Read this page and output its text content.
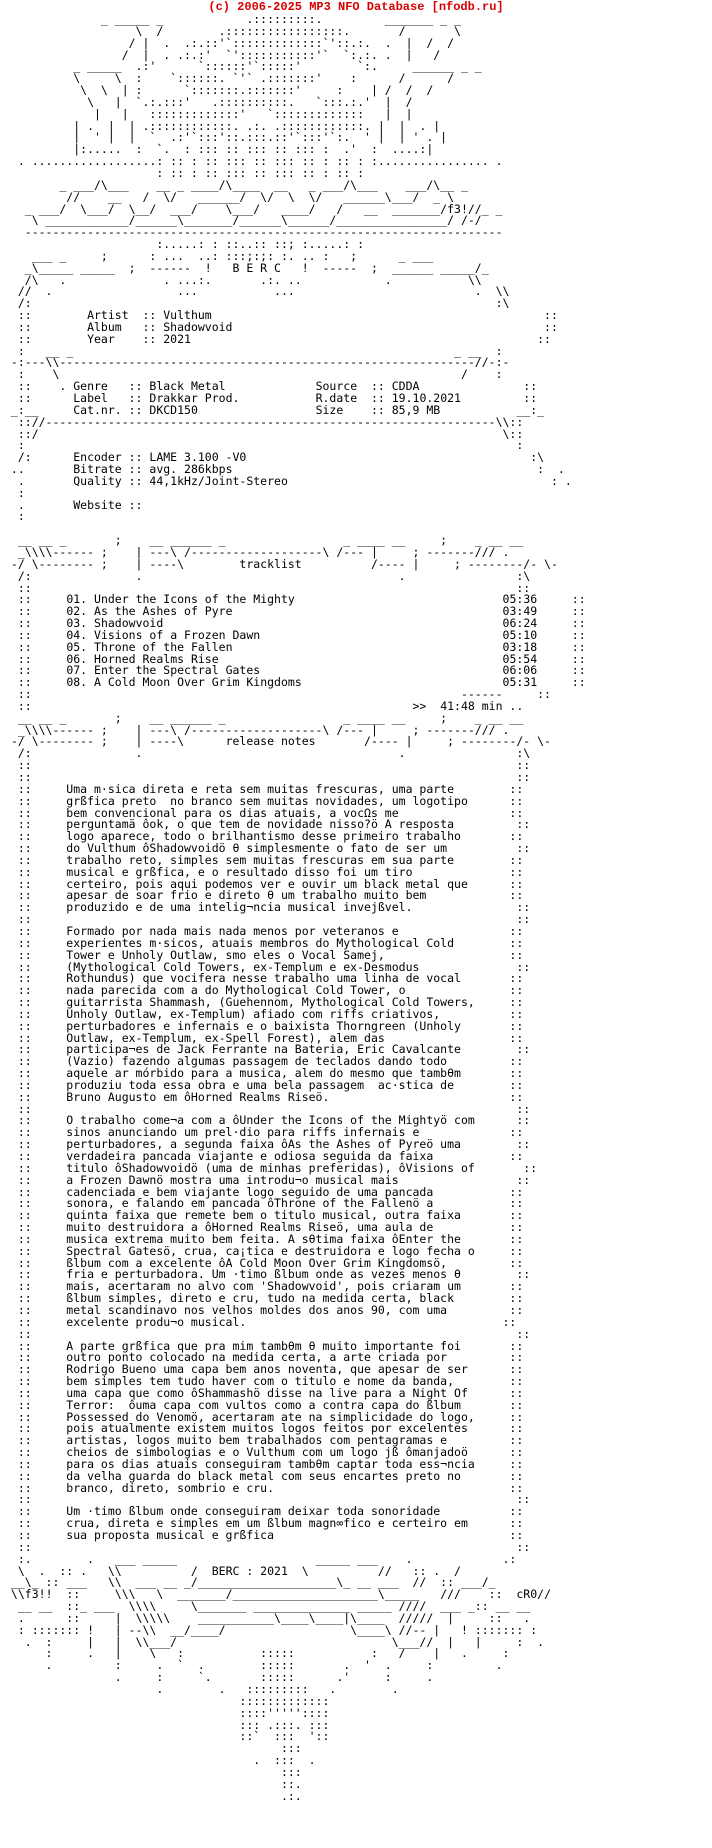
(c) 2006-2025 MP3 NFO Database [nfodb.ru]
_ _____ _            .:::::::::.         _______ _ _
\  /        .:::::::::::::::::.       /       \
/ |  .  .:.::'`:::::::::::::`'::.:.  .  |  /  /
/  |  . .:.:'  `':::::::::::'`  `:.:. .  |   /
_ _____  .:'      `::::::'`:::::'        `:.     ______ _ _
\     \  :    `::::::. `'` .:::::::'    :      /      /
\  \  | :      `:::::::.:::::::'     :    | /  /  /
\   |  `.:.:::'   .::::::::::.   `:::.:.'  |  /
|   |   :::::::::::::'   `:::::::::::::   |  |
| .  |  | .::::::::::::. .:. .::::::::::::. |  |  . |
|  ' |  |  `  .:'`:::'::.:::.::'`:::'`:.  ' |  | ' . |
|:.....  :  `.  : ::: :: ::: :: ::: :  .'  :  ....:|
. ..................: :: : :: ::: :: ::: :: : :: : :................ .
: :: : :: ::: :: ::: :: : :: :
_ ___/\___    __ _ ____/\____  __   _ ___/\___    ___/\__ _
//    __   /  \/   ______/  \/  \  \/   ______\___/  _ \
_ ___/  \___/  \__/  ___/    \___/   ____/   /   __  _______/f3!//_ _
\ ____________/______\_______/______\______/________________/ /-/
---------------------------------------------------------------------
:.....: : ::..:: ::; :.....: :
___ _     ;      : ...  ..: :::;:;: :. .. :   ;      _ ___
_\_____ _____  ;  ------  !   B E R C   !  -----  ;  ______ _____/_
/\   .              . ...:.       .:. ..            .           \\
//  .                  ...           ...                          .  \\
/:                                                                   :\
::        Artist  :: Vulthum                                                ::
::        Album   :: Shadowvoid                                             ::
::        Year    :: 2021                                                  ::
:   __ _                                                       _ __  :
-:---\\------------------------------------------------------------//-:-
:    \                                                          /    :
::    . Genre   :: Black Metal             Source  :: CDDA               ::
::      Label   :: Drakkar Prod.           R.date  :: 19.10.2021         ::
_:__     Cat.nr. :: DKCD150                 Size    :: 85,9 MB           __:_
:://-----------------------------------------------------------------\\::
::/                                                                   \::
:                                                                       :
/:      Encoder :: LAME 3.100 -V0                                         :\
..       Bitrate :: avg. 286kbps                                            :  .
.       Quality :: 44,1kHz/Joint-Stereo                                      : .
:
.       Website ::
:

__ __ _       ;    __ ______ _                 _ ____ __     ;    _ __ __
_\\\\------ ;    | ---\ /-------------------\ /--- |     ; -------/// .
-/ \-------- ;    | ----\        tracklist          /---- |     ; --------/- \-
/:               .                                     .                :\
::                                                                      ::
::     01. Under the Icons of the Mighty	05:36     ::
::     02. As the Ashes of Pyre	03:49     ::
::     03. Shadowvoid	06:24     ::
::     04. Visions of a Frozen Dawn	05:10     ::
::     05. Throne of the Fallen	03:18     ::
::     06. Horned Realms Rise	05:54     ::
::     07. Enter the Spectral Gates	06:06     ::
::     08. A Cold Moon Over Grim Kingdoms	05:31     ::
::                                                              ------     ::
::                                                       >>  41:48 min ..
__ __ _       ;    __ ______ _                 _ ____ __     ;    _ __ __
_\\\\------ ;    | ---\ /-------------------\ /--- |     ; -------/// .
-/ \-------- ;    | ----\      release notes       /---- |     ; --------/- \-
/:               .                                     .                :\
::                                                                      ::
::                                                                      ::
::     Uma m·sica direta e reta sem muitas frescuras, uma parte        ::
::     grßfica preto  no branco sem muitas novidades, um logotipo      ::
::     bem convencional para os dias atuais, a vocΩs me                ::
::     perguntamä ôok, o que tem de novidade nisso?ö A resposta         ::
::     logo aparece, todo o brilhantismo desse primeiro trabalho       ::
::     do Vulthum ôShadowvoidö θ simplesmente o fato de ser um          ::
::     trabalho reto, simples sem muitas frescuras em sua parte        ::
::     musical e grßfica, e o resultado disso foi um tiro              ::
::     certeiro, pois aqui podemos ver e ouvir um black metal que      ::
::     apesar de soar frio e direto θ um trabalho muito bem            ::
::     produzido e de uma intelig¬ncia musical invejßvel.               ::
::                                                                      ::
::     Formado por nada mais nada menos por veteranos e                ::
::     experientes m·sicos, atuais membros do Mythological Cold        ::
::     Tower e Unholy Outlaw, smo eles o Vocal Samej,                  ::
::     (Mythological Cold Towers, ex-Templum e ex-Desmodus              ::
::     Rothundus) que vocifera nesse trabalho uma linha de vocal       ::
::     nada parecida com a do Mythological Cold Tower, o               ::
::     guitarrista Shammash, (Guehennom, Mythological Cold Towers,     ::
::     Unholy Outlaw, ex-Templum) afiado com riffs criativos,          ::
::     perturbadores e infernais e o baixista Thorngreen (Unholy       ::
::     Outlaw, ex-Templum, ex-Spell Forest), alem das                  ::
::     participa¬es de Jack Ferrante na Bateria, Eric Cavalcante        ::
::     (Vazio) fazendo algumas passagem de teclados dando todo         ::
::     aquele ar mórbido para a musica, alem do mesmo que tambθm       ::
::     produziu toda essa obra e uma bela passagem  ac·stica de        ::
::     Bruno Augusto em ôHorned Realms Riseö.                          ::
::                                                                      ::
::     O trabalho come¬a com a ôUnder the Icons of the Mightyö com      ::
::     sinos anunciando um prel·dio para riffs infernais e             ::
::     perturbadores, a segunda faixa ôAs the Ashes of Pyreö uma        ::
::     verdadeira pancada viajante e odiosa seguida da faixa           ::
::     titulo ôShadowvoidö (uma de minhas preferidas), ôVisions of       ::
::     a Frozen Dawnö mostra uma introdu¬o musical mais                 ::
::     cadenciada e bem viajante logo seguido de uma pancada           ::
::     sonora, e falando em pancada ôThrone of the Fallenö a           ::
::     quinta faixa que remete bem o titulo musical, outra faixa       ::
::     muito destruidora a ôHorned Realms Riseö, uma aula de           ::
::     musica extrema muito bem feita. A sθtima faixa ôEnter the       ::
::     Spectral Gatesö, crua, ca¡tica e destruidora e logo fecha o     ::
::     ßlbum com a excelente ôA Cold Moon Over Grim Kingdomsö,         ::
::     fria e perturbadora. Um ·timo ßlbum onde as vezes menos θ        ::
::     mais, acertaram no alvo com 'Shadowvoid', pois criaram um       ::
::     ßlbum simples, direto e cru, tudo na medida certa, black        ::
::     metal scandinavo nos velhos moldes dos anos 90, com uma         ::
::     excelente produ¬o musical.                                     ::
::                                                                      ::
::     A parte grßfica que pra mim tambθm θ muito importante foi       ::
::     outro ponto colocado na medida certa, a arte criada por         ::
::     Rodrigo Bueno uma capa bem anos noventa, que apesar de ser      ::
::     bem simples tem tudo haver com o titulo e nome da banda,        ::
::     uma capa que como ôShammashö disse na live para a Night Of      ::
::     Terror:  ôuma capa com vultos como a contra capa do ßlbum       ::
::     Possessed do Venomö, acertaram ate na simplicidade do logo,     ::
::     pois atualmente existem muitos logos feitos por excelentes      ::
::     artistas, logos muito bem trabalhados com pentagramas e         ::
::     cheios de simbologias e o Vulthum com um logo jß ômanjadoö      ::
::     para os dias atuais conseguiram tambθm captar toda ess¬ncia     ::
::     da velha guarda do black metal com seus encartes preto no       ::
::     branco, direto, sombrio e cru.                                  ::
::                                                                      ::
::     Um ·timo ßlbum onde conseguiram deixar toda sonoridade          ::
::     crua, direta e simples em um ßlbum magn∞fico e certeiro em      ::
::     sua proposta musical e grßfica                                  ::
::                                                                      ::
:.        .   ___ _____                    _____ ___    .             .:
\  .  :: .   \\          /  BERC : 2021  \          //   :: .  /
__\_ :: ___   \\  ___ __ _/____________________\_ __ ___  //  :: ___/_
\\f3!!  ::     \\\   \  _______/_____________________\_____   ///    ::  cR0//
__ __  ::_ ___  \\\\     \_______ ______________ _____ ////  ___ _:: __ __
.      ::     |  \\\\\    ___________\____\____|\____  /////  |     ::   .
: ::::::: !   | --\\  __/____/                  \____\ //-- |   ! ::::::: :
.  :     |   |  \\___/                               \___//  |   |     :  .
:     .   |    \   :           :::::           :   /    |   .     :
.         :     .  `  .        :::::       .  '  .     :         .
.     :     `.       :::::      .'     :     .
.        .   :::::::::   .        .
:::::::::::::
::::'''''::::
::: .:::. :::
::`  :::  '::
:::
.  :::  .
:::
::.
.:.
